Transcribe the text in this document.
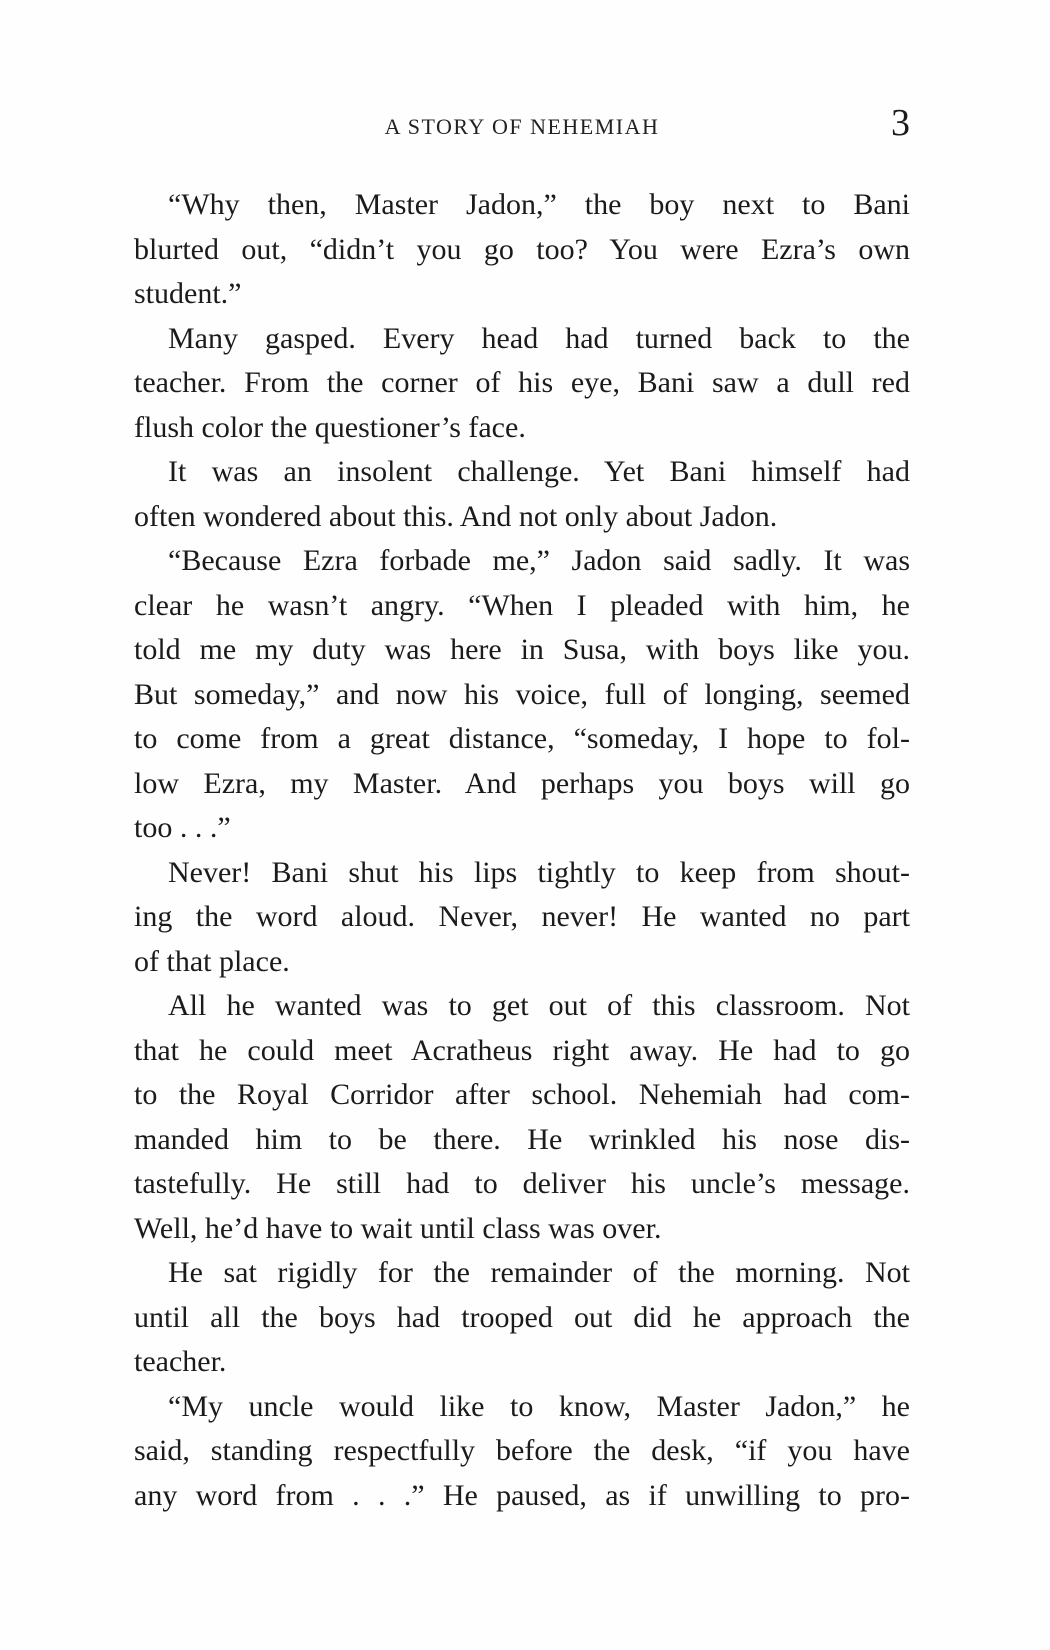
A STORY OF NEHEMIAH	3
“Why then, Master Jadon,” the boy next to Bani
blurted out, “didn’t you go too? You were Ezra’s own
student.”
Many gasped. Every head had turned back to the
teacher. From the corner of his eye, Bani saw a dull red
flush color the questioner’s face.
It was an insolent challenge. Yet Bani himself had
often wondered about this. And not only about Jadon.
“Because Ezra forbade me,” Jadon said sadly. It was
clear he wasn’t angry. “When I pleaded with him, he
told me my duty was here in Susa, with boys like you.
But someday,” and now his voice, full of longing, seemed
to come from a great distance, “someday, I hope to fol-
low Ezra, my Master. And perhaps you boys will go
too . . .”
Never! Bani shut his lips tightly to keep from shout-
ing the word aloud. Never, never! He wanted no part
of that place.
All he wanted was to get out of this classroom. Not
that he could meet Acratheus right away. He had to go
to the Royal Corridor after school. Nehemiah had com-
manded him to be there. He wrinkled his nose dis-
tastefully. He still had to deliver his uncle’s message.
Well, he’d have to wait until class was over.
He sat rigidly for the remainder of the morning. Not
until all the boys had trooped out did he approach the
teacher.
“My uncle would like to know, Master Jadon,” he
said, standing respectfully before the desk, “if you have
any word from . . .” He paused, as if unwilling to pro-
